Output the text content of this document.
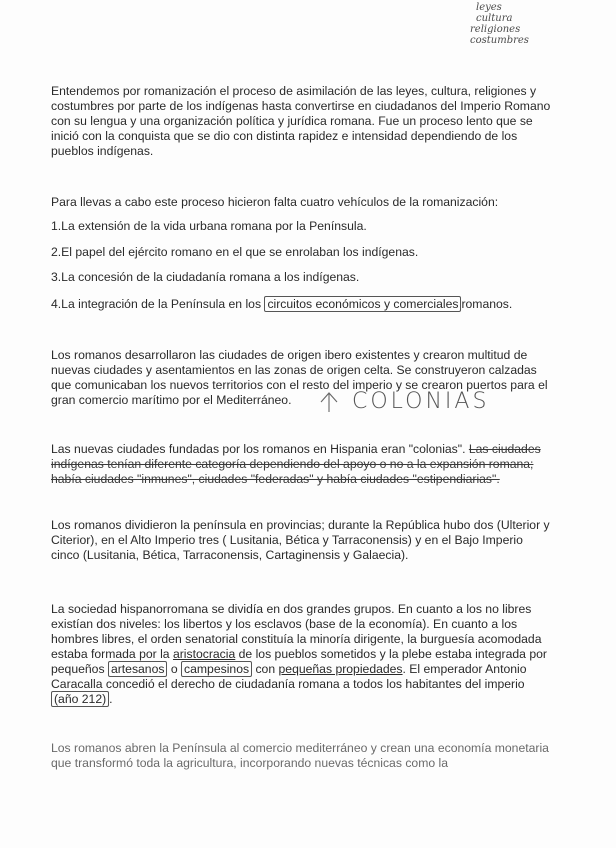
leyes
cultura
religiones
costumbres
Entendemos por romanización el proceso de asimilación de las leyes, cultura, religiones y costumbres por parte de los indígenas hasta convertirse en ciudadanos del Imperio Romano con su lengua y una organización política y jurídica romana. Fue un proceso lento que se inició con la conquista que se dio con distinta rapidez e intensidad dependiendo de los pueblos indígenas.
Para llevas a cabo este proceso hicieron falta cuatro vehículos de la romanización:
1.La extensión de la vida urbana romana por la Península.
2.El papel del ejército romano en el que se enrolaban los indígenas.
3.La concesión de la ciudadanía romana a los indígenas.
4.La integración de la Península en los circuitos económicos y comerciales romanos.
Los romanos desarrollaron las ciudades de origen ibero existentes y crearon multitud de nuevas ciudades y asentamientos en las zonas de origen celta. Se construyeron calzadas que comunicaban los nuevos territorios con el resto del imperio y se crearon puertos para el gran comercio marítimo por el Mediterráneo.	COLONIAS
Las nuevas ciudades fundadas por los romanos en Hispania eran "colonias". Las ciudades indígenas tenían diferente categoría dependiendo del apoyo o no a la expansión romana; había ciudades "inmunes", ciudades "federadas" y había ciudades "estipendiarias".
Los romanos dividieron la península en provincias; durante la República hubo dos (Ulterior y Citerior), en el Alto Imperio tres ( Lusitania, Bética y Tarraconensis) y en el Bajo Imperio cinco (Lusitania, Bética, Tarraconensis, Cartaginensis y Galaecia).
La sociedad hispanorromana se dividía en dos grandes grupos. En cuanto a los no libres existían dos niveles: los libertos y los esclavos (base de la economía). En cuanto a los hombres libres, el orden senatorial constituía la minoría dirigente, la burguesía acomodada estaba formada por la aristocracia de los pueblos sometidos y la plebe estaba integrada por pequeños artesanos o campesinos con pequeñas propiedades. El emperador Antonio Caracalla concedió el derecho de ciudadanía romana a todos los habitantes del imperio (año 212) .
Los romanos abren la Península al comercio mediterráneo y crean una economía monetaria que transformó toda la agricultura, incorporando nuevas técnicas como la
